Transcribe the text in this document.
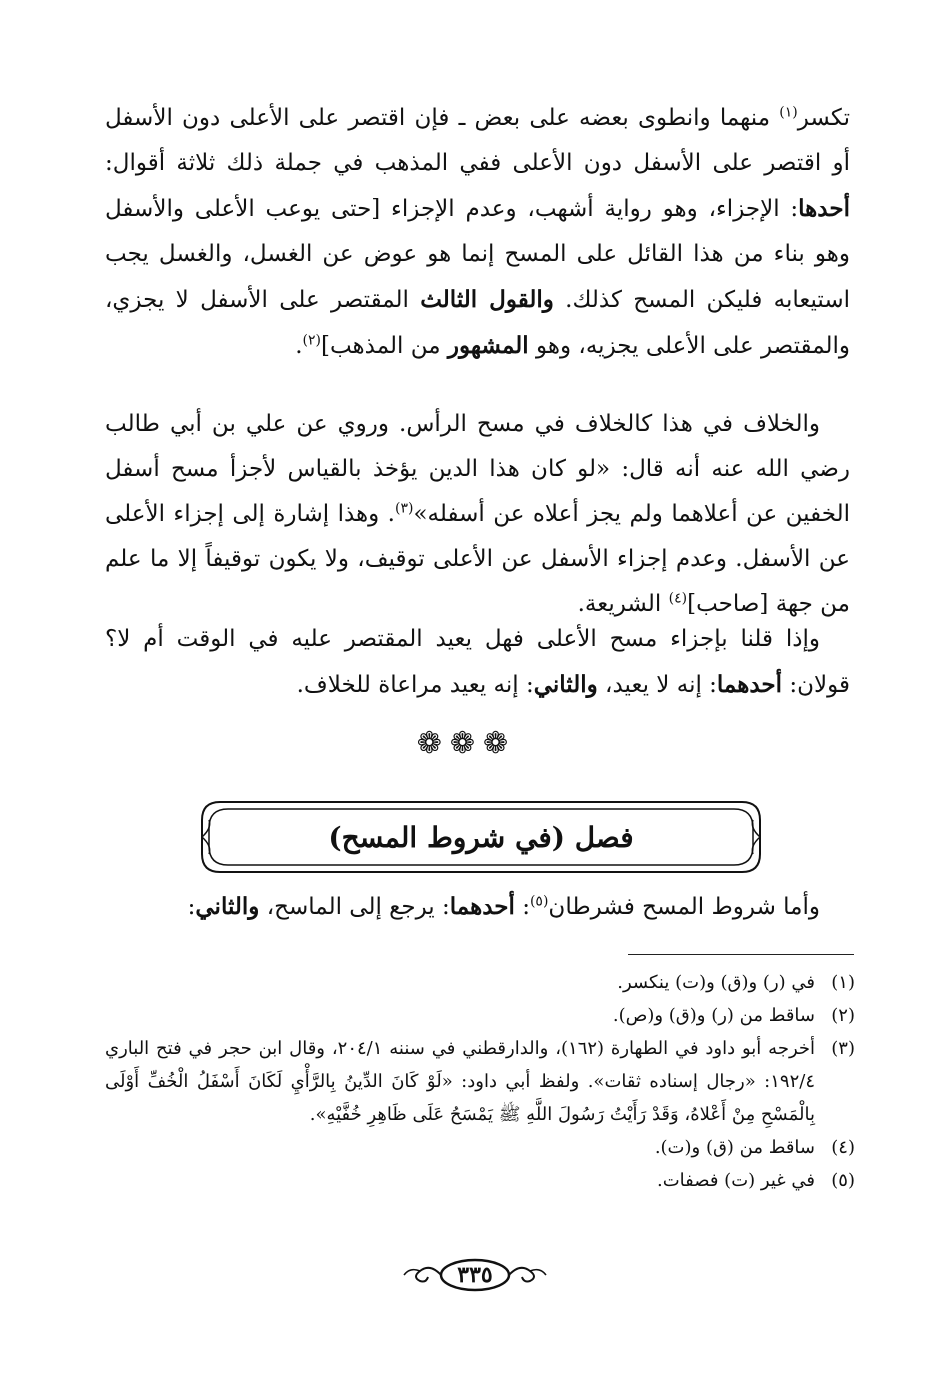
تكسر$^{(١)}$ منهما وانطوى بعضه على بعض ـ فإن اقتصر على الأعلى دون الأسفل أو اقتصر على الأسفل دون الأعلى ففي المذهب في جملة ذلك ثلاثة أقوال: أحدها: الإجزاء، وهو رواية أشهب، وعدم الإجزاء [حتى يوعب الأعلى والأسفل وهو بناء من هذا القائل على المسح إنما هو عوض عن الغسل، والغسل يجب استيعابه فليكن المسح كذلك. والقول الثالث المقتصر على الأسفل لا يجزي، والمقتصر على الأعلى يجزيه، وهو المشهور من المذهب]$^{(٢)}$.

والخلاف في هذا كالخلاف في مسح الرأس. وروي عن علي بن أبي طالب رضي الله عنه أنه قال: «لو كان هذا الدين يؤخذ بالقياس لأجزأ مسح أسفل الخفين عن أعلاهما ولم يجز أعلاه عن أسفله»$^{(٣)}$. وهذا إشارة إلى إجزاء الأعلى عن الأسفل. وعدم إجزاء الأسفل عن الأعلى توقيف، ولا يكون توقيفاً إلا ما علم من جهة [صاحب]$^{(٤)}$ الشريعة.

وإذا قلنا بإجزاء مسح الأعلى فهل يعيد المقتصر عليه في الوقت أم لا؟ قولان: أحدهما: إنه لا يعيد، والثاني: إنه يعيد مراعاة للخلاف.

❁❁❁
فصل (في شروط المسح)

وأما شروط المسح فشرطان$^{(٥)}$: أحدهما: يرجع إلى الماسح، والثاني:

(١)
في (ر) و(ق) و(ت) ينكسر.
(٢)
ساقط من (ر) و(ق) و(ص).
(٣)
أخرجه أبو داود في الطهارة (١٦٢)، والدارقطني في سننه ٢٠٤/١، وقال ابن حجر في فتح الباري ١٩٢/٤: «رجال إسناده ثقات». ولفظ أبي داود: «لَوْ كَانَ الدِّينُ بِالرَّأْيِ لَكَانَ أَسْفَلُ الْخُفِّ أَوْلَى بِالْمَسْحِ مِنْ أَعْلاهُ، وَقَدْ رَأَيْتُ رَسُولَ اللَّهِ ﷺ يَمْسَحُ عَلَى ظَاهِرِ خُفَّيْهِ».
(٤)
ساقط من (ق) و(ت).
(٥)
في غير (ت) فصفات.
٣٣٥
